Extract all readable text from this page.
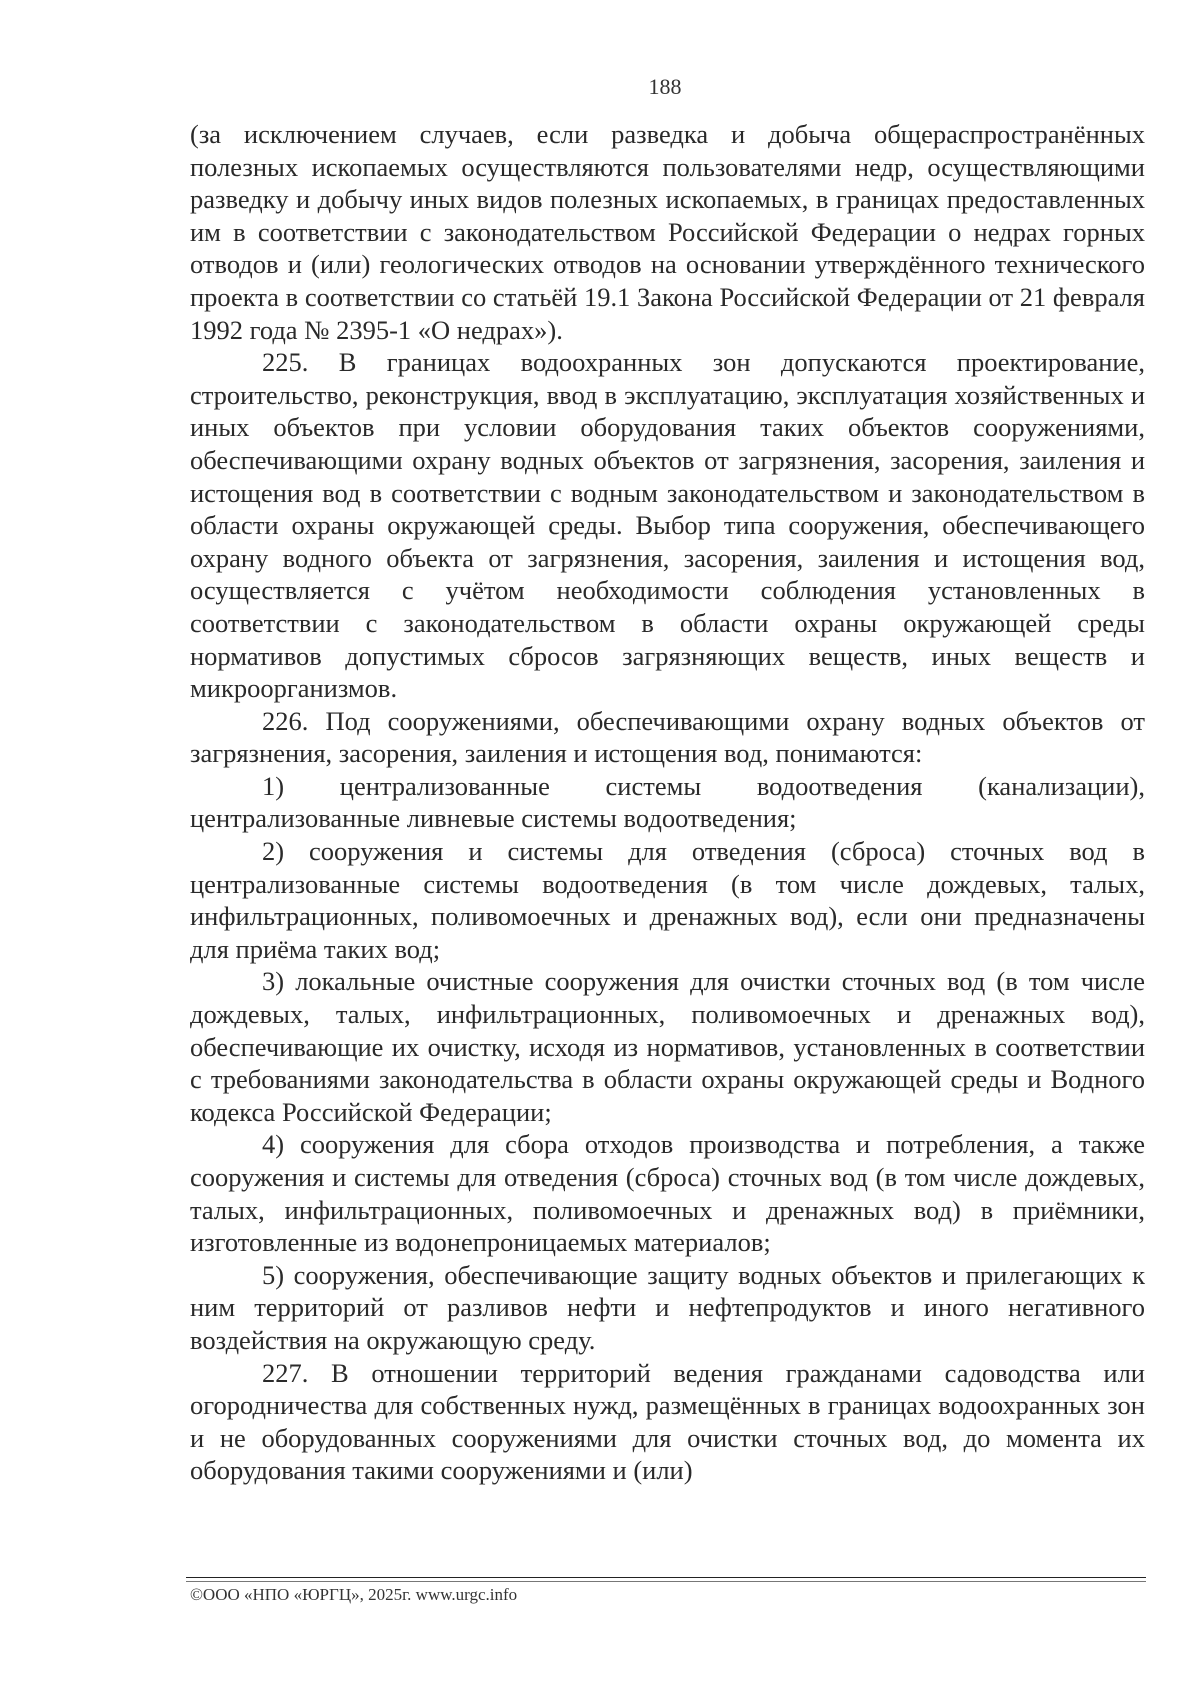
188

(за исключением случаев, если разведка и добыча общераспространённых полезных ископаемых осуществляются пользователями недр, осуществляющими разведку и добычу иных видов полезных ископаемых, в границах предоставленных им в соответствии с законодательством Российской Федерации о недрах горных отводов и (или) геологических отводов на основании утверждённого технического проекта в соответствии со статьёй 19.1 Закона Российской Федерации от 21 февраля 1992 года № 2395-1 «О недрах»).

225. В границах водоохранных зон допускаются проектирование, строительство, реконструкция, ввод в эксплуатацию, эксплуатация хозяйственных и иных объектов при условии оборудования таких объектов сооружениями, обеспечивающими охрану водных объектов от загрязнения, засорения, заиления и истощения вод в соответствии с водным законодательством и законодательством в области охраны окружающей среды. Выбор типа сооружения, обеспечивающего охрану водного объекта от загрязнения, засорения, заиления и истощения вод, осуществляется с учётом необходимости соблюдения установленных в соответствии с законодательством в области охраны окружающей среды нормативов допустимых сбросов загрязняющих веществ, иных веществ и микроорганизмов.

226. Под сооружениями, обеспечивающими охрану водных объектов от загрязнения, засорения, заиления и истощения вод, понимаются:

1) централизованные системы водоотведения (канализации), централизованные ливневые системы водоотведения;

2) сооружения и системы для отведения (сброса) сточных вод в централизованные системы водоотведения (в том числе дождевых, талых, инфильтрационных, поливомоечных и дренажных вод), если они предназначены для приёма таких вод;

3) локальные очистные сооружения для очистки сточных вод (в том числе дождевых, талых, инфильтрационных, поливомоечных и дренажных вод), обеспечивающие их очистку, исходя из нормативов, установленных в соответствии с требованиями законодательства в области охраны окружающей среды и Водного кодекса Российской Федерации;

4) сооружения для сбора отходов производства и потребления, а также сооружения и системы для отведения (сброса) сточных вод (в том числе дождевых, талых, инфильтрационных, поливомоечных и дренажных вод) в приёмники, изготовленные из водонепроницаемых материалов;

5) сооружения, обеспечивающие защиту водных объектов и прилегающих к ним территорий от разливов нефти и нефтепродуктов и иного негативного воздействия на окружающую среду.

227. В отношении территорий ведения гражданами садоводства или огородничества для собственных нужд, размещённых в границах водоохранных зон и не оборудованных сооружениями для очистки сточных вод, до момента их оборудования такими сооружениями и (или)

©ООО «НПО «ЮРГЦ», 2025г. www.urgc.info
